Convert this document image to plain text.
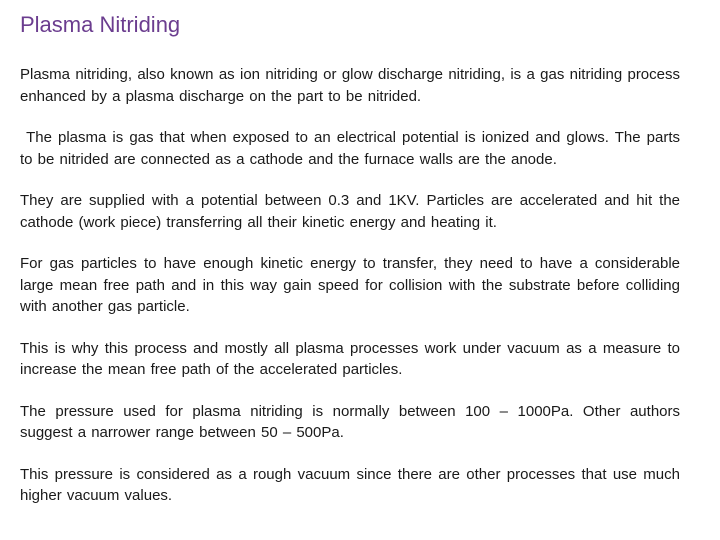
Plasma Nitriding

Plasma nitriding, also known as ion nitriding or glow discharge nitriding, is a gas nitriding process enhanced by a plasma discharge on the part to be nitrided.

The plasma is gas that when exposed to an electrical potential is ionized and glows. The parts to be nitrided are connected as a cathode and the furnace walls are the anode.

They are supplied with a potential between 0.3 and 1KV. Particles are accelerated and hit the cathode (work piece) transferring all their kinetic energy and heating it.

For gas particles to have enough kinetic energy to transfer, they need to have a considerable large mean free path and in this way gain speed for collision with the substrate before colliding with another gas particle.

This is why this process and mostly all plasma processes work under vacuum as a measure to increase the mean free path of the accelerated particles.

The pressure used for plasma nitriding is normally between 100 – 1000Pa. Other authors suggest a narrower range between 50 – 500Pa.

This pressure is considered as a rough vacuum since there are other processes that use much higher vacuum values.
